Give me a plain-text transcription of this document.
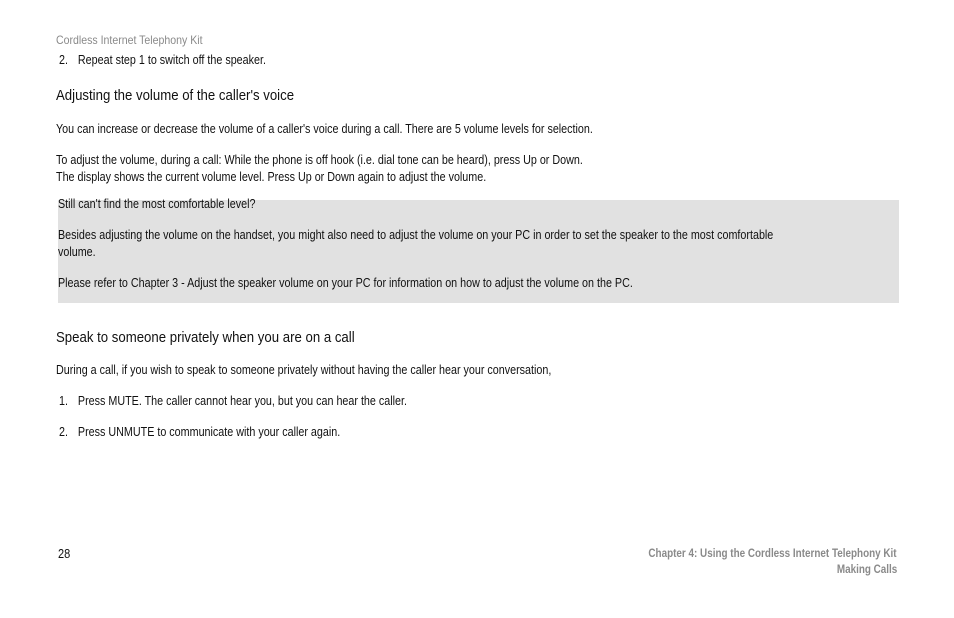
Cordless Internet Telephony Kit
2. Repeat step 1 to switch off the speaker.
Adjusting the volume of the caller's voice
You can increase or decrease the volume of a caller's voice during a call. There are 5 volume levels for selection.
To adjust the volume, during a call: While the phone is off hook (i.e. dial tone can be heard), press Up or Down.
The display shows the current volume level. Press Up or Down again to adjust the volume.
Still can't find the most comfortable level?
Besides adjusting the volume on the handset, you might also need to adjust the volume on your PC in order to set the speaker to the most comfortable
volume.
Please refer to Chapter 3 - Adjust the speaker volume on your PC for information on how to adjust the volume on the PC.
Speak to someone privately when you are on a call
During a call, if you wish to speak to someone privately without having the caller hear your conversation,
1. Press MUTE. The caller cannot hear you, but you can hear the caller.
2. Press UNMUTE to communicate with your caller again.
28	Chapter 4: Using the Cordless Internet Telephony Kit
Making Calls
